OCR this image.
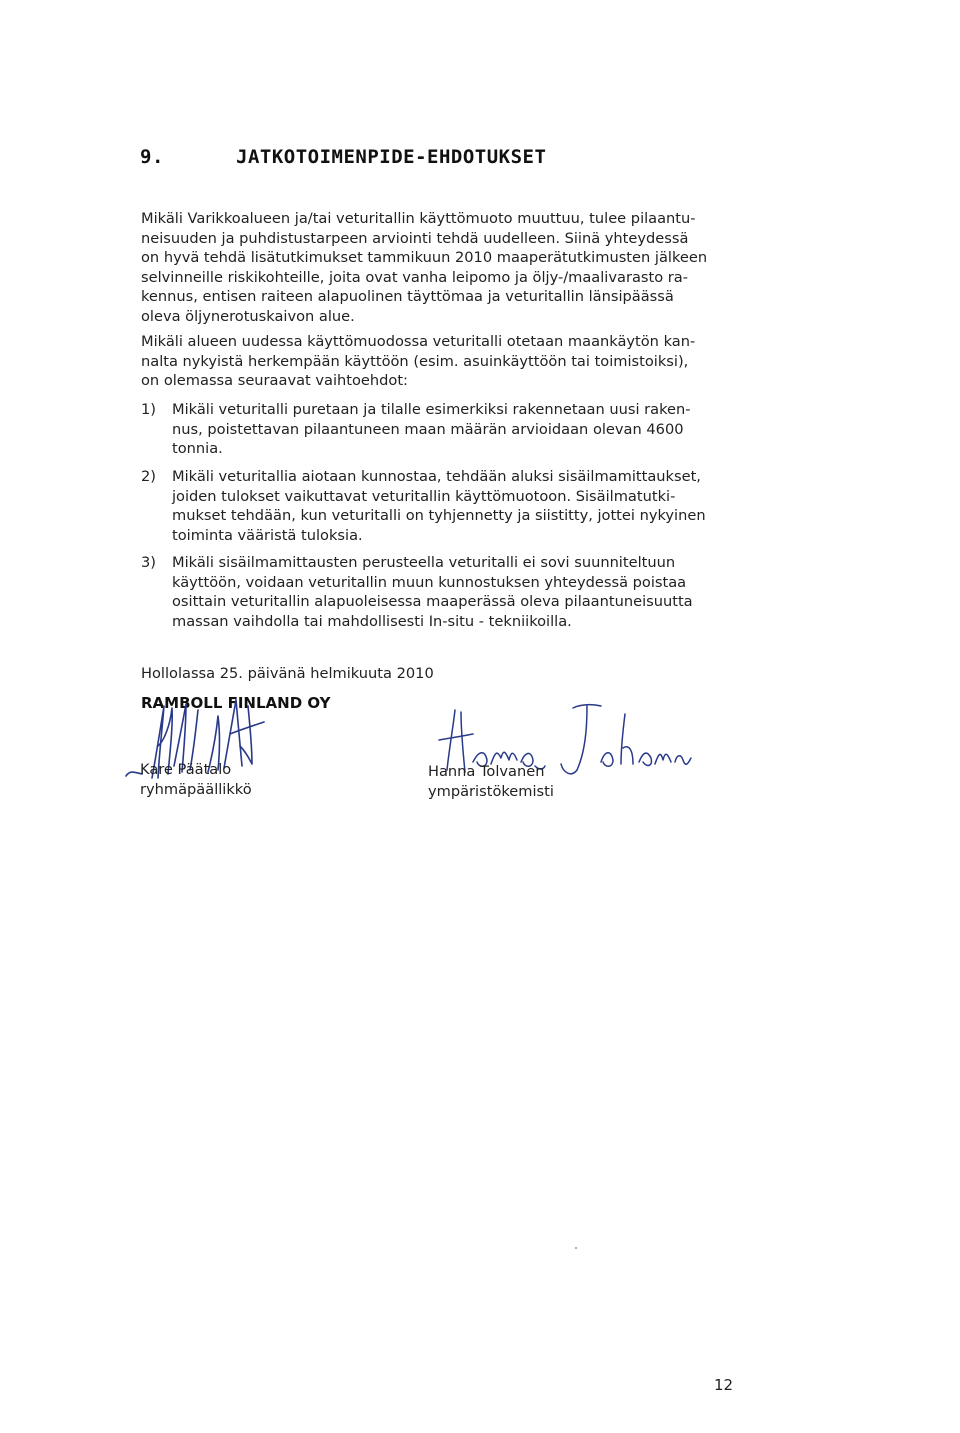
9.	JATKOTOIMENPIDE-EHDOTUKSET
Mikäli Varikkoalueen ja/tai veturitallin käyttömuoto muuttuu, tulee pilaantu-
neisuuden ja puhdistustarpeen arviointi tehdä uudelleen. Siinä yhteydessä
on hyvä tehdä lisätutkimukset tammikuun 2010 maaperätutkimusten jälkeen
selvinneille riskikohteille, joita ovat vanha leipomo ja öljy-/maalivarasto ra-
kennus, entisen raiteen alapuolinen täyttömaa ja veturitallin länsipäässä
oleva öljynerotuskaivon alue.
Mikäli alueen uudessa käyttömuodossa veturitalli otetaan maankäytön kan-
nalta nykyistä herkempään käyttöön (esim. asuinkäyttöön tai toimistoiksi),
on olemassa seuraavat vaihtoehdot:
1) Mikäli veturitalli puretaan ja tilalle esimerkiksi rakennetaan uusi raken-
nus, poistettavan pilaantuneen maan määrän arvioidaan olevan 4600
tonnia.
2) Mikäli veturitallia aiotaan kunnostaa, tehdään aluksi sisäilmamittaukset,
joiden tulokset vaikuttavat veturitallin käyttömuotoon. Sisäilmatutki-
mukset tehdään, kun veturitalli on tyhjennetty ja siistitty, jottei nykyinen
toiminta vääristä tuloksia.
3) Mikäli sisäilmamittausten perusteella veturitalli ei sovi suunniteltuun
käyttöön, voidaan veturitallin muun kunnostuksen yhteydessä poistaa
osittain veturitallin alapuoleisessa maaperässä oleva pilaantuneisuutta
massan vaihdolla tai mahdollisesti In-situ - tekniikoilla.
Hollolassa 25. päivänä helmikuuta 2010
RAMBOLL FINLAND OY
Kare Päätalo
ryhmäpäällikkö
Hanna Tolvanen
ympäristökemisti
12
